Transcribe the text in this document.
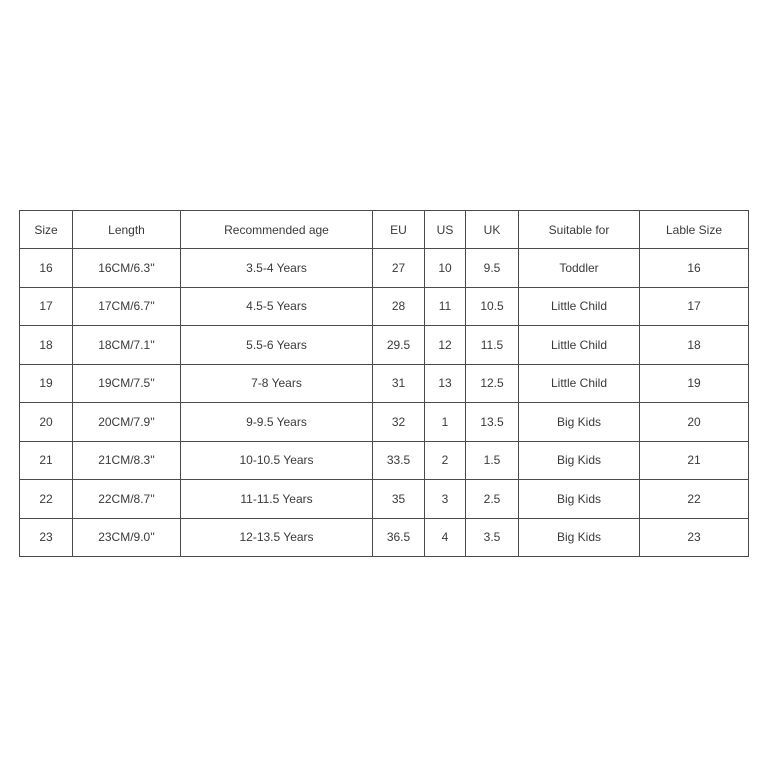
Size	Length	Recommended age	EU	US	UK	Suitable for	Lable Size
16	16CM/6.3''	3.5-4 Years	27	10	9.5	Toddler	16
17	17CM/6.7''	4.5-5 Years	28	11	10.5	Little Child	17
18	18CM/7.1''	5.5-6 Years	29.5	12	11.5	Little Child	18
19	19CM/7.5''	7-8 Years	31	13	12.5	Little Child	19
20	20CM/7.9''	9-9.5 Years	32	1	13.5	Big Kids	20
21	21CM/8.3''	10-10.5 Years	33.5	2	1.5	Big Kids	21
22	22CM/8.7''	11-11.5 Years	35	3	2.5	Big Kids	22
23	23CM/9.0''	12-13.5 Years	36.5	4	3.5	Big Kids	23
